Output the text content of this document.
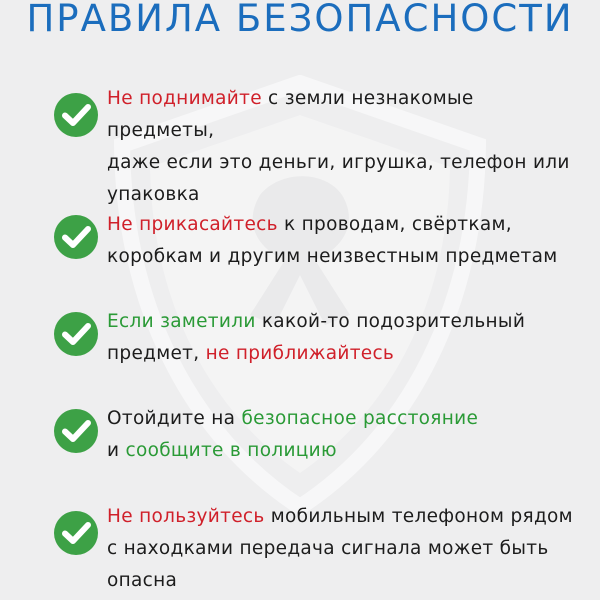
ПРАВИЛА БЕЗОПАСНОСТИ
Не поднимайте с земли незнакомые предметы,
даже если это деньги, игрушка, телефон или
упаковка
Не прикасайтесь к проводам, свёрткам,
коробкам и другим неизвестным предметам
Если заметили какой-то подозрительный
предмет, не приближайтесь
Отойдите на безопасное расстояние
и сообщите в полицию
Не пользуйтесь мобильным телефоном рядом
с находками передача сигнала может быть
опасна
